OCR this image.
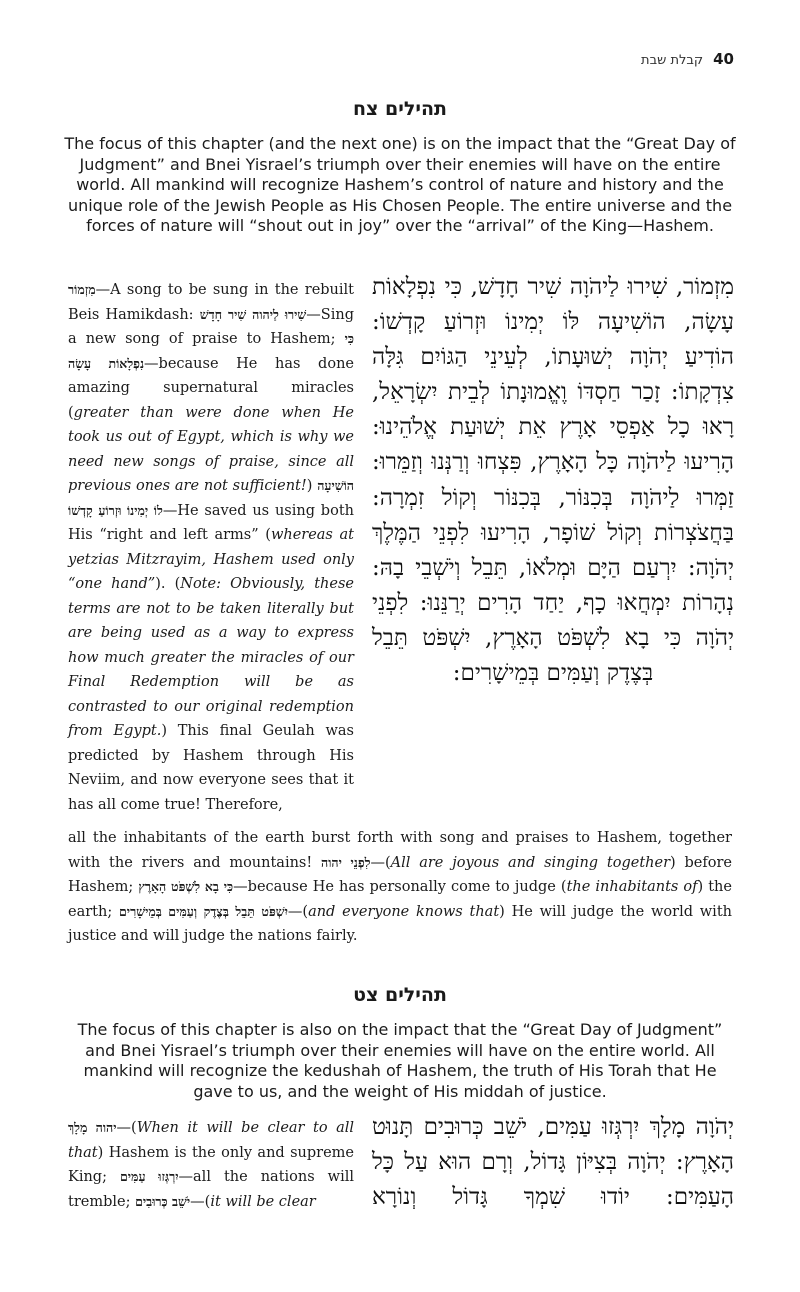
קבלת שבת 40
תהילים צח
The focus of this chapter (and the next one) is on the impact that the “Great Day of Judgment” and Bnei Yisrael’s triumph over their enemies will have on the entire world. All mankind will recognize Hashem’s control of nature and history and the unique role of the Jewish People as His Chosen People. The entire universe and the forces of nature will “shout out in joy” over the “arrival” of the King—Hashem.
מִזְמוֹר—A song to be sung in the rebuilt Beis Hamikdash: שִׁירוּ לַיהוה שִׁיר חָדָשׁ—Sing a new song of praise to Hashem; כִּי נִפְלָאוֹת עָשָׂה—because He has done amazing supernatural miracles (greater than were done when He took us out of Egypt, which is why we need new songs of praise, since all previous ones are not sufficient!) הוֹשִׁיעָה לוֹ יְמִינוֹ וּזְרוֹעַ קָדְשׁוֹ—He saved us using both His “right and left arms” (whereas at yetzias Mitzrayim, Hashem used only “one hand”). (Note: Obviously, these terms are not to be taken literally but are being used as a way to express how much greater the miracles of our Final Redemption will be as contrasted to our original redemption from Egypt.) This final Geulah was predicted by Hashem through His Neviim, and now everyone sees that it has all come true! Therefore,
מִזְמוֹר, שִׁירוּ לַיהֹוָה שִׁיר חָדָשׁ, כִּי נִפְלָאוֹת עָשָׂה, הוֹשִׁיעָה לּוֹ יְמִינוֹ וּזְרוֹעַ קָדְשׁוֹ: הוֹדִיעַ יְהֹוָה יְשׁוּעָתוֹ, לְעֵינֵי הַגּוֹיִם גִּלָּה צִדְקָתוֹ: זָכַר חַסְדּוֹ וֶאֱמוּנָתוֹ לְבֵית יִשְׂרָאֵל, רָאוּ כָל אַפְסֵי אָרֶץ אֵת יְשׁוּעַת אֱלֹהֵינוּ: הָרִיעוּ לַיהֹוָה כָּל הָאָרֶץ, פִּצְחוּ וְרַנְּנוּ וְזַמֵּרוּ: זַמְּרוּ לַיהֹוָה בְּכִנּוֹר, בְּכִנּוֹר וְקוֹל זִמְרָה: בַּחֲצֹצְרוֹת וְקוֹל שׁוֹפָר, הָרִיעוּ לִפְנֵי הַמֶּלֶךְ יְהֹוָה: יִרְעַם הַיָּם וּמְלֹאוֹ, תֵּבֵל וְיֹשְׁבֵי בָהּ: נְהָרוֹת יִמְחֲאוּ כָף, יַחַד הָרִים יְרַנֵּנוּ: לִפְנֵי יְהֹוָה כִּי בָא לִשְׁפֹּט הָאָרֶץ, יִשְׁפֹּט תֵּבֵל בְּצֶדֶק וְעַמִּים בְּמֵישָׁרִים:
all the inhabitants of the earth burst forth with song and praises to Hashem, together with the rivers and mountains! לִפְנֵי יהוה—(All are joyous and singing together) before Hashem; כִּי בָא לִשְׁפֹּט הָאָרֶץ—because He has personally come to judge (the inhabitants of) the earth; יִשְׁפֹּט תֵּבֵל בְּצֶדֶק וְעַמִּים בְּמֵישָׁרִים—(and everyone knows that) He will judge the world with justice and will judge the nations fairly.
תהילים צט
The focus of this chapter is also on the impact that the “Great Day of Judgment” and Bnei Yisrael’s triumph over their enemies will have on the entire world. All mankind will recognize the kedushah of Hashem, the truth of His Torah that He gave to us, and the weight of His middah of justice.
יהוה מָלָךְ—(When it will be clear to all that) Hashem is the only and supreme King; יִרְגְּזוּ עַמִּים—all the nations will tremble; יֹשֵׁב כְּרוּבִים—(it will be clear
יְהֹוָה מָלָךְ יִרְגְּזוּ עַמִּים, יֹשֵׁב כְּרוּבִים תָּנוּט הָאָרֶץ: יְהֹוָה בְּצִיּוֹן גָּדוֹל, וְרָם הוּא עַל כָּל הָעַמִּים: יוֹדוּ שִׁמְךָ גָּדוֹל וְנוֹרָא
